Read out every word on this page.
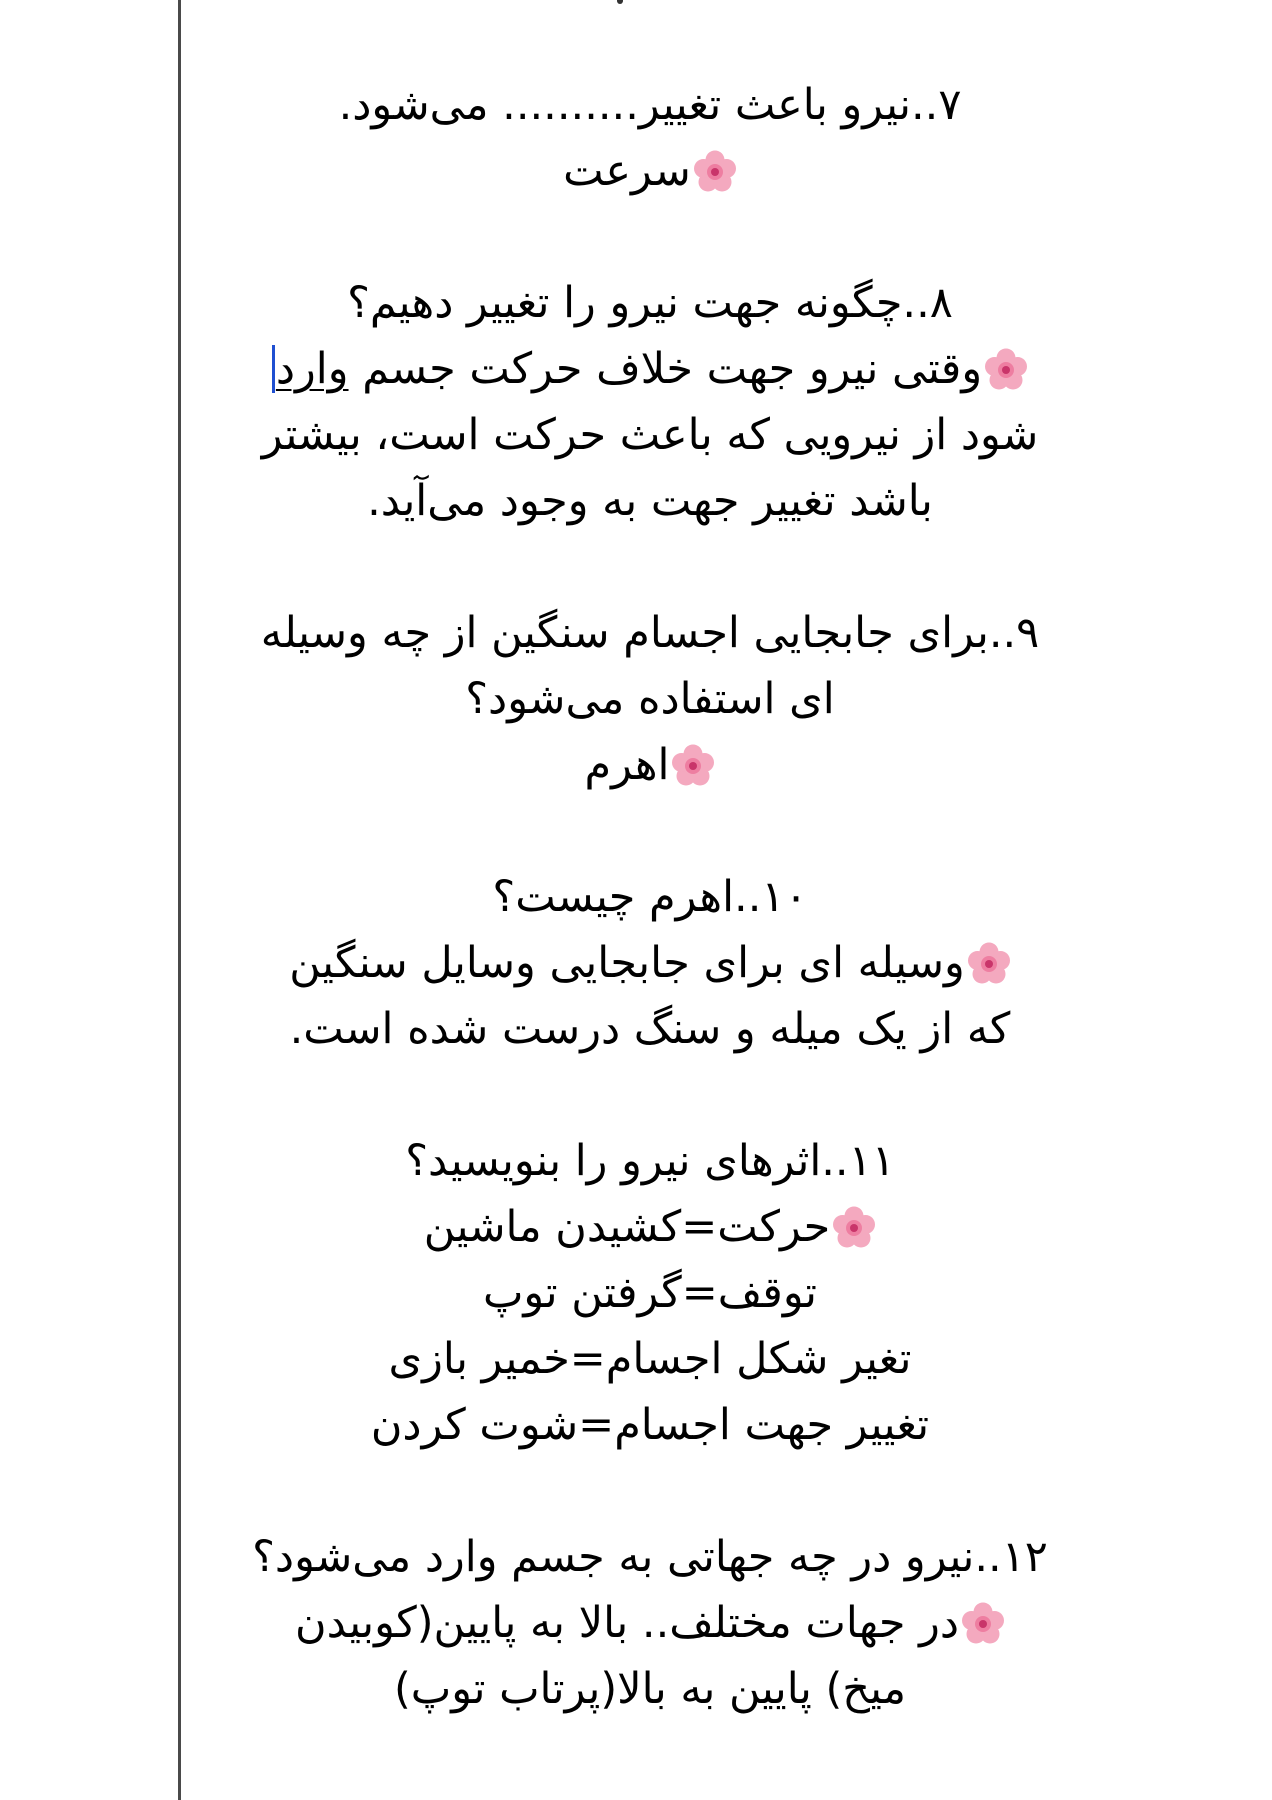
۷..نیرو باعث تغییر.......... می‌شود.
سرعت
۸..چگونه جهت نیرو را تغییر دهیم؟
وقتی نیرو جهت خلاف حرکت جسم وارد
شود از نیرویی که باعث حرکت است، بیشتر
باشد تغییر جهت به وجود می‌آید.
۹..برای جابجایی اجسام سنگین از چه وسیله
ای استفاده می‌شود؟
اهرم
۱۰..اهرم چیست؟
وسیله ای برای جابجایی وسایل سنگین
که از یک میله و سنگ درست شده است.
۱۱..اثرهای نیرو را بنویسید؟
حرکت=کشیدن ماشین
توقف=گرفتن توپ
تغیر شکل اجسام=خمیر بازی
تغییر جهت اجسام=شوت کردن
۱۲..نیرو در چه جهاتی به جسم وارد می‌شود؟
در جهات مختلف.. بالا به پایین(کوبیدن
میخ) پایین به بالا(پرتاب توپ)
